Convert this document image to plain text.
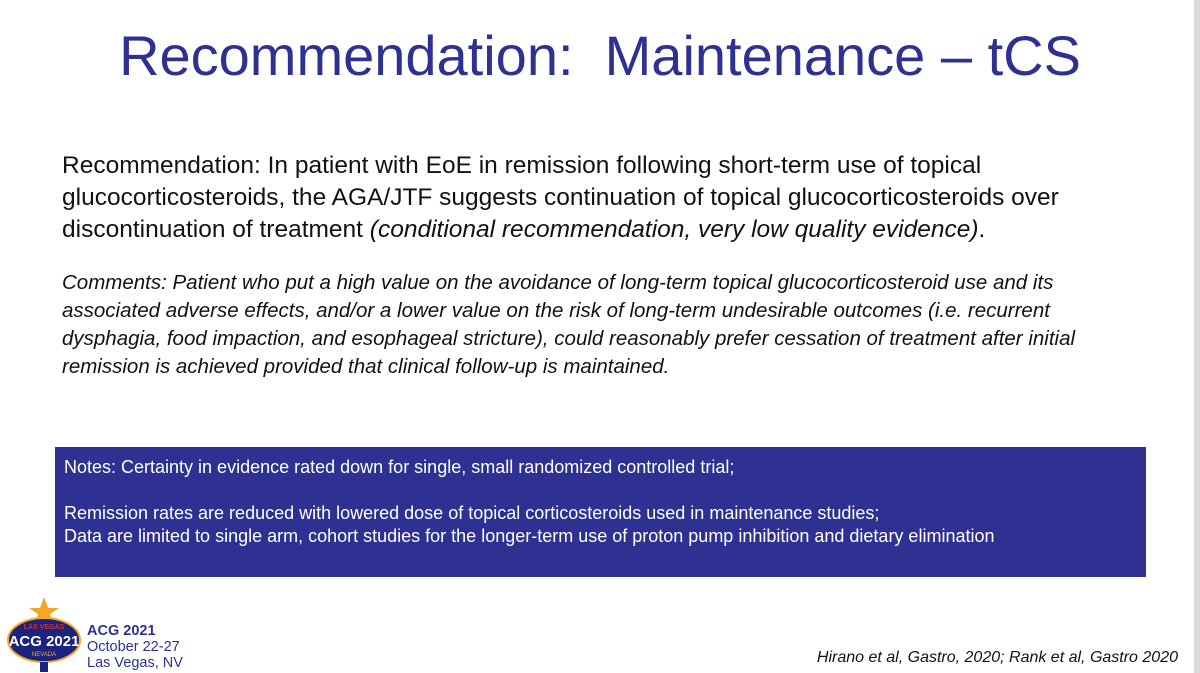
Recommendation:  Maintenance – tCS
Recommendation: In patient with EoE in remission following short-term use of topical glucocorticosteroids, the AGA/JTF suggests continuation of topical glucocorticosteroids over discontinuation of treatment (conditional recommendation, very low quality evidence).
Comments: Patient who put a high value on the avoidance of long-term topical glucocorticosteroid use and its associated adverse effects, and/or a lower value on the risk of long-term undesirable outcomes (i.e. recurrent dysphagia, food impaction, and esophageal stricture), could reasonably prefer cessation of treatment after initial remission is achieved provided that clinical follow-up is maintained.
Notes: Certainty in evidence rated down for single, small randomized controlled trial;
Remission rates are reduced with lowered dose of topical corticosteroids used in maintenance studies;
Data are limited to single arm, cohort studies for the longer-term use of proton pump inhibition and dietary elimination
LAS VEGAS
ACG 2021
NEVADA
ACG 2021
October 22-27
Las Vegas, NV	Hirano et al, Gastro, 2020; Rank et al, Gastro 2020
